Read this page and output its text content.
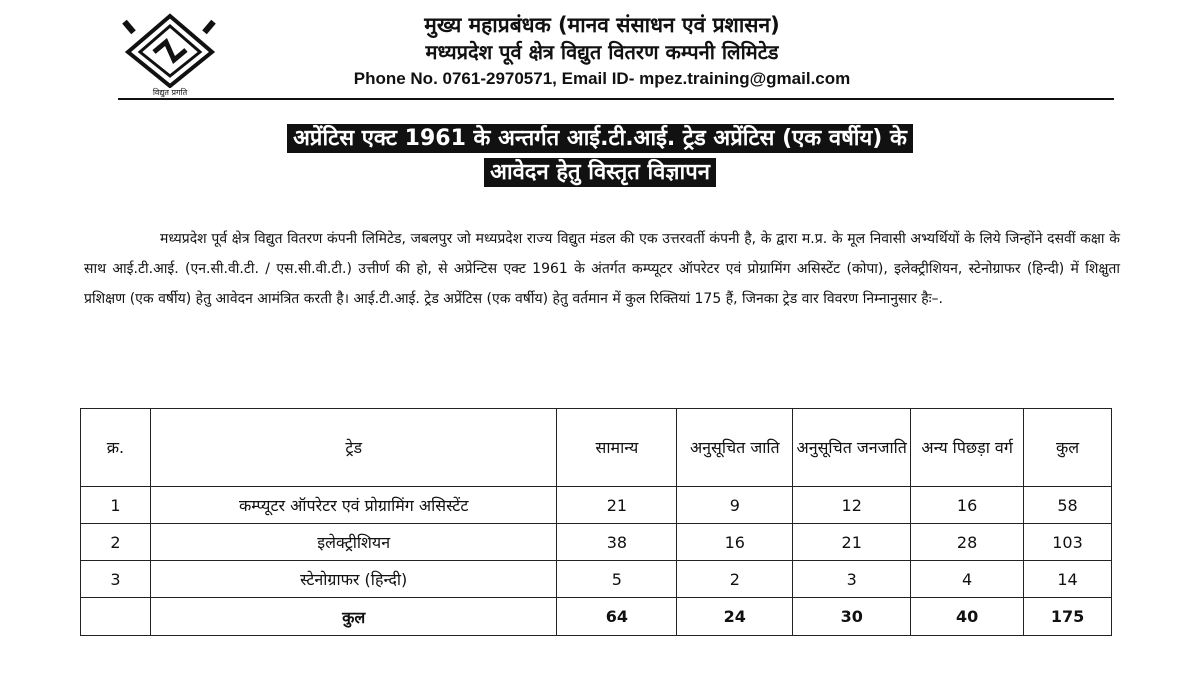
विद्युत प्रगति
मुख्य महाप्रबंधक (मानव संसाधन एवं प्रशासन)
मध्यप्रदेश पूर्व क्षेत्र विद्युत वितरण कम्पनी लिमिटेड
Phone No. 0761-2970571, Email ID- mpez.training@gmail.com
अप्रेंटिस एक्ट 1961 के अन्तर्गत आई.टी.आई. ट्रेड अप्रेंटिस (एक वर्षीय) के
आवेदन हेतु विस्तृत विज्ञापन

मध्यप्रदेश पूर्व क्षेत्र विद्युत वितरण कंपनी लिमिटेड, जबलपुर जो मध्यप्रदेश राज्य विद्युत मंडल की एक उत्तरवर्ती कंपनी है, के द्वारा म.प्र. के मूल निवासी अभ्यर्थियों के लिये जिन्होंने दसवीं कक्षा के साथ आई.टी.आई. (एन.सी.वी.टी. / एस.सी.वी.टी.) उत्तीर्ण की हो, से अप्रेन्टिस एक्ट 1961 के अंतर्गत कम्प्यूटर ऑपरेटर एवं प्रोग्रामिंग असिस्टेंट (कोपा), इलेक्ट्रीशियन, स्टेनोग्राफर (हिन्दी) में शिक्षुता प्रशिक्षण (एक वर्षीय) हेतु आवेदन आमंत्रित करती है। आई.टी.आई. ट्रेड अप्रेंटिस (एक वर्षीय) हेतु वर्तमान में कुल रिक्तियां 175 हैं, जिनका ट्रेड वार विवरण निम्नानुसार हैः–.

क्र.	ट्रेड	सामान्य	अनुसूचित जाति	अनुसूचित जनजाति	अन्य पिछड़ा वर्ग	कुल
1	कम्प्यूटर ऑपरेटर एवं प्रोग्रामिंग असिस्टेंट	21	9	12	16	58
2	इलेक्ट्रीशियन	38	16	21	28	103
3	स्टेनोग्राफर (हिन्दी)	5	2	3	4	14
	कुल	64	24	30	40	175
